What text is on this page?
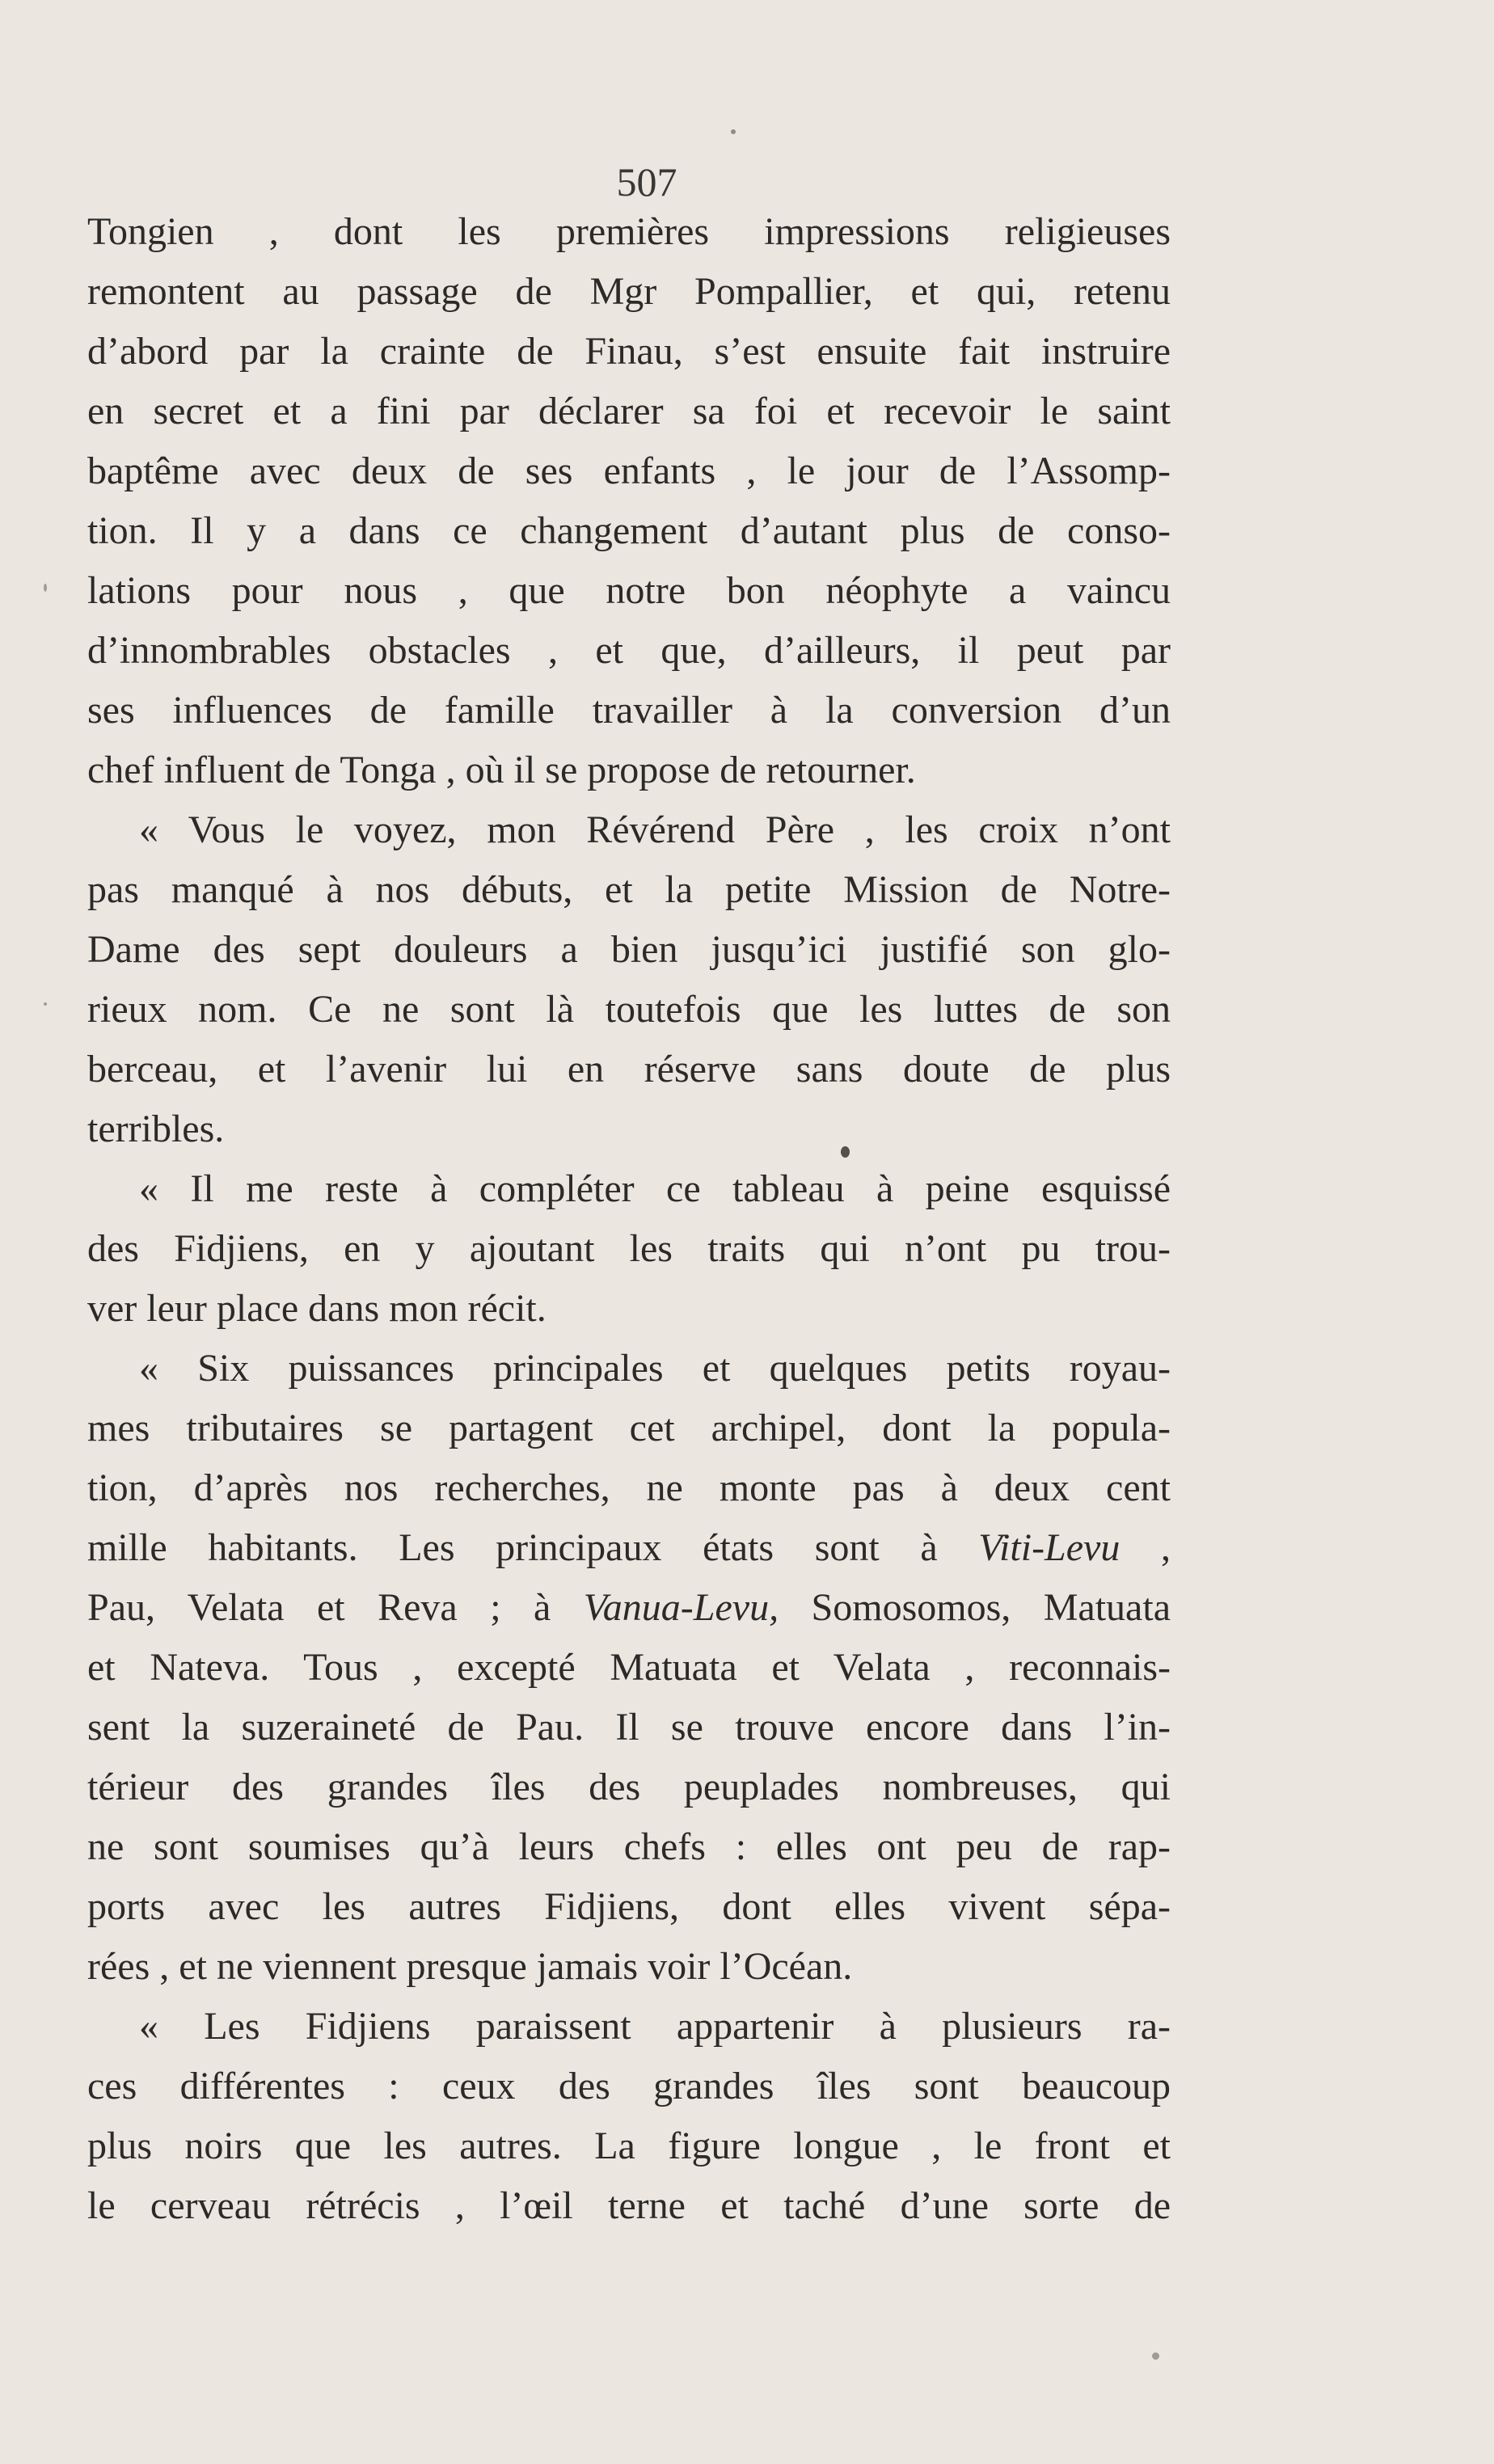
507
Tongien , dont les premières impressions religieuses
remontent au passage de Mgr Pompallier, et qui, retenu
d’abord par la crainte de Finau, s’est ensuite fait instruire
en secret et a fini par déclarer sa foi et recevoir le saint
baptême avec deux de ses enfants , le jour de l’Assomp-
tion. Il y a dans ce changement d’autant plus de conso-
lations pour nous , que notre bon néophyte a vaincu
d’innombrables obstacles , et que, d’ailleurs, il peut par
ses influences de famille travailler à la conversion d’un
chef influent de Tonga , où il se propose de retourner.
« Vous le voyez, mon Révérend Père , les croix n’ont
pas manqué à nos débuts, et la petite Mission de Notre-
Dame des sept douleurs a bien jusqu’ici justifié son glo-
rieux nom. Ce ne sont là toutefois que les luttes de son
berceau, et l’avenir lui en réserve sans doute de plus
terribles.
« Il me reste à compléter ce tableau à peine esquissé
des Fidjiens, en y ajoutant les traits qui n’ont pu trou-
ver leur place dans mon récit.
« Six puissances principales et quelques petits royau-
mes tributaires se partagent cet archipel, dont la popula-
tion, d’après nos recherches, ne monte pas à deux cent
mille habitants. Les principaux états sont à Viti-Levu ,
Pau, Velata et Reva ; à Vanua-Levu, Somosomos, Matuata
et Nateva. Tous , excepté Matuata et Velata , reconnais-
sent la suzeraineté de Pau. Il se trouve encore dans l’in-
térieur des grandes îles des peuplades nombreuses, qui
ne sont soumises qu’à leurs chefs : elles ont peu de rap-
ports avec les autres Fidjiens, dont elles vivent sépa-
rées , et ne viennent presque jamais voir l’Océan.
« Les Fidjiens paraissent appartenir à plusieurs ra-
ces différentes : ceux des grandes îles sont beaucoup
plus noirs que les autres. La figure longue , le front et
le cerveau rétrécis , l’œil terne et taché d’une sorte de
